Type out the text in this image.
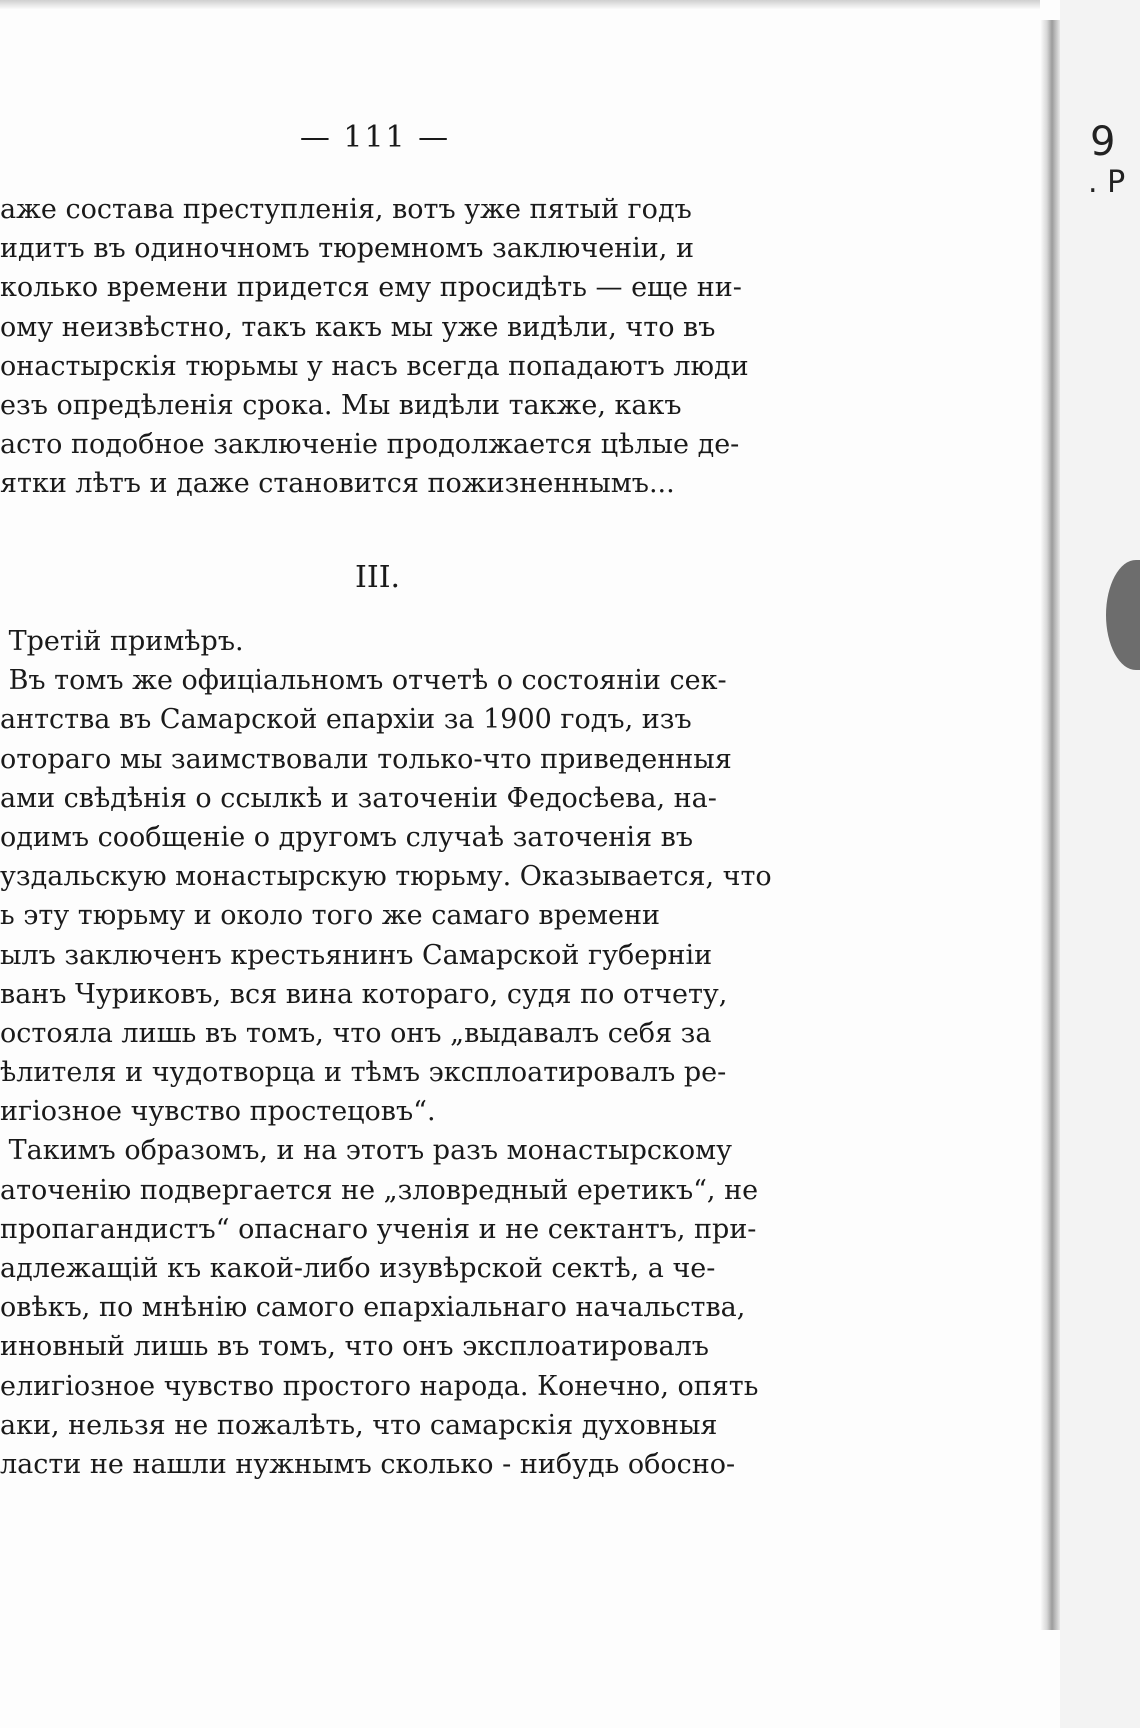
— 111 —
аже состава преступленія, вотъ уже пятый годъ
идитъ въ одиночномъ тюремномъ заключеніи, и
колько времени придется ему просидѣть — еще ни-
ому неизвѣстно, такъ какъ мы уже видѣли, что въ
онастырскія тюрьмы у насъ всегда попадаютъ люди
езъ опредѣленія срока. Мы видѣли также, какъ
асто подобное заключеніе продолжается цѣлые де-
ятки лѣтъ и даже становится пожизненнымъ...
III.
Третій примѣръ.
Въ томъ же офиціальномъ отчетѣ о состояніи сек-
антства въ Самарской епархіи за 1900 годъ, изъ
отораго мы заимствовали только-что приведенныя
ами свѣдѣнія о ссылкѣ и заточеніи Федосѣева, на-
одимъ сообщеніе о другомъ случаѣ заточенія въ
уздальскую монастырскую тюрьму. Оказывается, что
ь эту тюрьму и около того же самаго времени
ылъ заключенъ крестьянинъ Самарской губерніи
ванъ Чуриковъ, вся вина котораго, судя по отчету,
остояла лишь въ томъ, что онъ „выдавалъ себя за
ѣлителя и чудотворца и тѣмъ эксплоатировалъ ре-
игіозное чувство простецовъ“.
Такимъ образомъ, и на этотъ разъ монастырскому
аточенію подвергается не „зловредный еретикъ“, не
пропагандистъ“ опаснаго ученія и не сектантъ, при-
адлежащій къ какой-либо изувѣрской сектѣ, а че-
овѣкъ, по мнѣнію самого епархіальнаго начальства,
иновный лишь въ томъ, что онъ эксплоатировалъ
елигіозное чувство простого народа. Конечно, опять
аки, нельзя не пожалѣть, что самарскія духовныя
ласти не нашли нужнымъ сколько - нибудь обосно-
9
. P
